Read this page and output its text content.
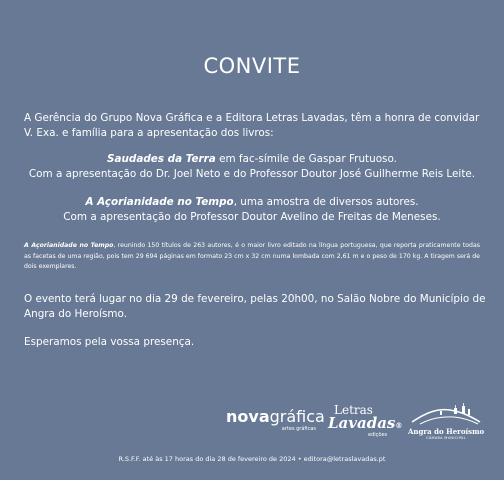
CONVITE
A Gerência do Grupo Nova Gráfica e a Editora Letras Lavadas, têm a honra de convidar V. Exa. e família para a apresentação dos livros:
Saudades da Terra em fac-símile de Gaspar Frutuoso.
Com a apresentação do Dr. Joel Neto e do Professor Doutor José Guilherme Reis Leite.
A Açorianidade no Tempo, uma amostra de diversos autores.
Com a apresentação do Professor Doutor Avelino de Freitas de Meneses.
A Açorianidade no Tempo, reunindo 150 títulos de 263 autores, é o maior livro editado na língua portuguesa, que reporta praticamente todas as facetas de uma região, pois tem 29 694 páginas em formato 23 cm x 32 cm numa lombada com 2,61 m e o peso de 170 kg. A tiragem será de dois exemplares.
O evento terá lugar no dia 29 de fevereiro, pelas 20h00, no Salão Nobre do Município de Angra do Heroísmo.
Esperamos pela vossa presença.
novagráfica
artes gráficas
Letras
Lavadas®
edições	Angra do Heroísmo
CÂMARA MUNICIPAL
R.S.F.F. até às 17 horas do dia 28 de fevereiro de 2024 • editora@letraslavadas.pt
